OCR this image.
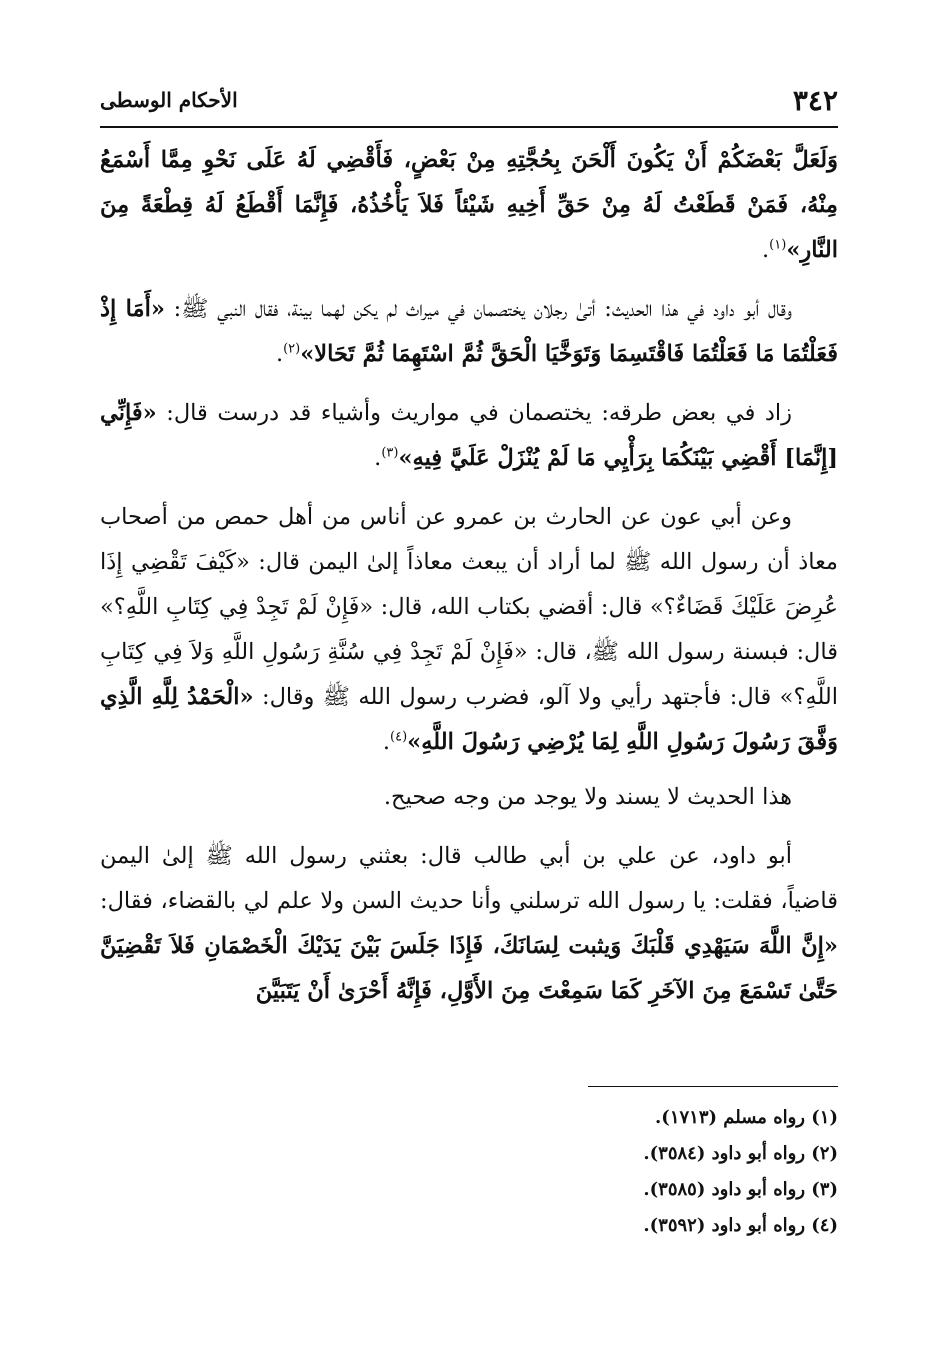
٣٤٢
الأحكام الوسطى

وَلَعَلَّ بَعْضَكُمْ أَنْ يَكُونَ أَلْحَنَ بِحُجَّتِهِ مِنْ بَعْضٍ، فَأَقْضِي لَهُ عَلَى نَحْوِ مِمَّا أَسْمَعُ مِنْهُ، فَمَنْ قَطَعْتُ لَهُ مِنْ حَقِّ أَخِيهِ شَيْئاً فَلاَ يَأْخُذُهُ، فَإِنَّمَا أَقْطَعُ لَهُ قِطْعَةً مِنَ النَّارِ»$^{(١)}$.

وقال أبو داود في هذا الحديث: أتىٰ رجلان يختصمان في ميراث لم يكن لهما بينة، فقال النبي ﷺ: «أَمَا إِذْ فَعَلْتُمَا مَا فَعَلْتُمَا فَاقْتَسِمَا وَتَوَخَّيَا الْحَقَّ ثُمَّ اسْتَهِمَا ثُمَّ تَحَالا»$^{(٢)}$.

زاد في بعض طرقه: يختصمان في مواريث وأشياء قد درست قال: «فَإِنِّي [إِنَّمَا] أَقْضِي بَيْنَكُمَا بِرَأْيِي مَا لَمْ يُنْزَلْ عَلَيَّ فِيهِ»$^{(٣)}$.

وعن أبي عون عن الحارث بن عمرو عن أناس من أهل حمص من أصحاب معاذ أن رسول الله ﷺ لما أراد أن يبعث معاذاً إلىٰ اليمن قال: «كَيْفَ تَقْضِي إِذَا عُرِضَ عَلَيْكَ قَضَاءٌ؟» قال: أقضي بكتاب الله، قال: «فَإِنْ لَمْ تَجِدْ فِي كِتَابِ اللَّهِ؟» قال: فبسنة رسول الله ﷺ، قال: «فَإِنْ لَمْ تَجِدْ فِي سُنَّةِ رَسُولِ اللَّهِ وَلاَ فِي كِتَابِ اللَّهِ؟» قال: فأجتهد رأيي ولا آلو، فضرب رسول الله ﷺ وقال: «الْحَمْدُ لِلَّهِ الَّذِي وَفَّقَ رَسُولَ رَسُولِ اللَّهِ لِمَا يُرْضِي رَسُولَ اللَّهِ»$^{(٤)}$.

هذا الحديث لا يسند ولا يوجد من وجه صحيح.

أبو داود، عن علي بن أبي طالب قال: بعثني رسول الله ﷺ إلىٰ اليمن قاضياً، فقلت: يا رسول الله ترسلني وأنا حديث السن ولا علم لي بالقضاء، فقال: «إِنَّ اللَّهَ سَيَهْدِي قَلْبَكَ وَيثبت لِسَانَكَ، فَإِذَا جَلَسَ بَيْنَ يَدَيْكَ الْخَصْمَانِ فَلاَ تَقْضِيَنَّ حَتَّىٰ تَسْمَعَ مِنَ الآخَرِ كَمَا سَمِعْتَ مِنَ الأَوَّلِ، فَإِنَّهُ أَحْرَىٰ أَنْ يَتَبَيَّنَ

(١) رواه مسلم (١٧١٣).
(٢) رواه أبو داود (٣٥٨٤).
(٣) رواه أبو داود (٣٥٨٥).
(٤) رواه أبو داود (٣٥٩٢).
